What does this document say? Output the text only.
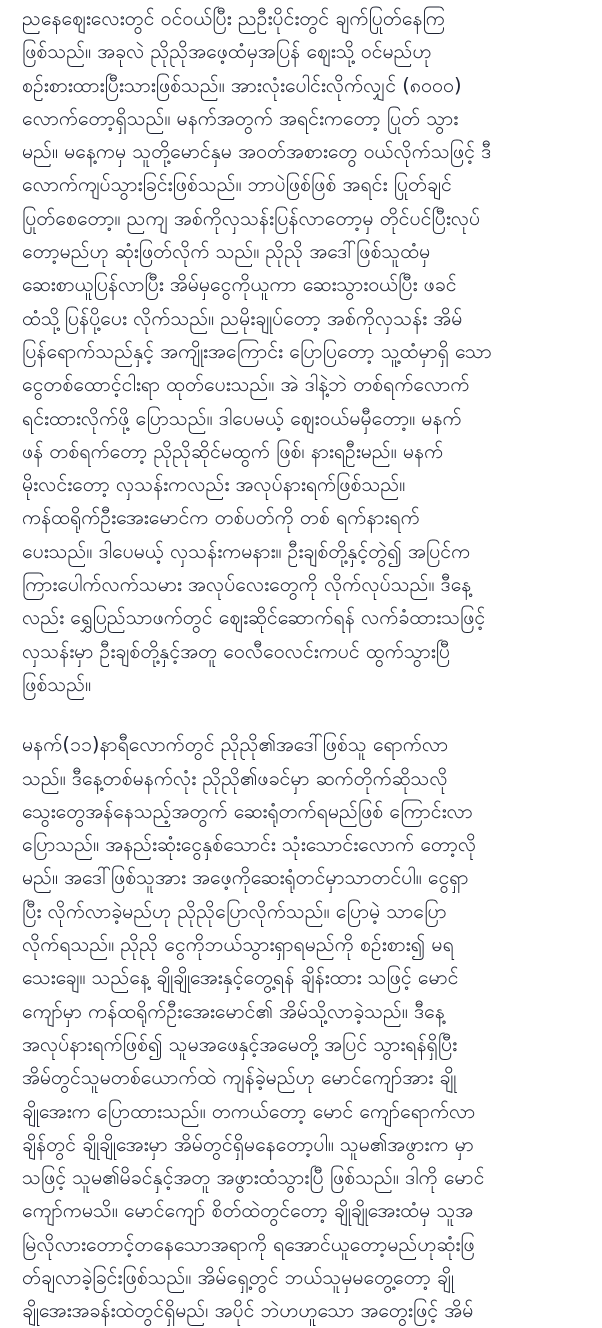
ညနေဈေးလေးတွင် ဝင်ဝယ်ပြီး ညဦးပိုင်းတွင် ချက်ပြုတ်နေကြ
ဖြစ်သည်။ အခုလဲ ညိုညိုအဖေ့ထံမှအပြန် ဈေးသို့ ဝင်မည်ဟု
စဉ်းစားထားပြီးသားဖြစ်သည်။ အားလုံးပေါင်းလိုက်လျှင် (၈၀၀၀)
လောက်တော့ရှိသည်။ မနက်အတွက် အရင်းကတော့ ပြုတ် သွား
မည်။ မနေ့ကမှ သူတို့မောင်နှမ အဝတ်အစားတွေ ဝယ်လိုက်သဖြင့် ဒီ
လောက်ကျပ်သွားခြင်းဖြစ်သည်။ ဘာပဲဖြစ်ဖြစ် အရင်း ပြုတ်ချင်
ပြုတ်စေတော့။ ညကျ အစ်ကိုလှသန်းပြန်လာတော့မှ တိုင်ပင်ပြီးလုပ်
တော့မည်ဟု ဆုံးဖြတ်လိုက် သည်။ ညိုညို အဒေါ်ဖြစ်သူထံမှ
ဆေးစာယူပြန်လာပြီး အိမ်မှငွေကိုယူကာ ဆေးသွားဝယ်ပြီး ဖခင်
ထံသို့ပြန်ပို့ပေး လိုက်သည်။ ညမိုးချုပ်တော့ အစ်ကိုလှသန်း အိမ်
ပြန်ရောက်သည်နှင့် အကျိုးအကြောင်း ပြောပြတော့ သူ့ထံမှာရှိ သော
ငွေတစ်ထောင့်ငါးရာ ထုတ်ပေးသည်။ အဲ ဒါနဲ့ဘဲ တစ်ရက်လောက်
ရင်းထားလိုက်ဖို့ ပြောသည်။ ဒါပေမယ့် ဈေးဝယ်မမှီတော့။ မနက်
ဖန် တစ်ရက်တော့ ညိုညိုဆိုင်မထွက် ဖြစ်၊ နားရဦးမည်။ မနက်
မိုးလင်းတော့ လှသန်းကလည်း အလုပ်နားရက်ဖြစ်သည်။
ကန်ထရိုက်ဦးအေးမောင်က တစ်ပတ်ကို တစ် ရက်နားရက်
ပေးသည်။ ဒါပေမယ့် လှသန်းကမနား။ ဦးချစ်တို့နှင့်တွဲ၍ အပြင်က
ကြားပေါက်လက်သမား အလုပ်လေးတွေကို လိုက်လုပ်သည်။ ဒီနေ့
လည်း ရွှေပြည်သာဖက်တွင် ဈေးဆိုင်ဆောက်ရန် လက်ခံထားသဖြင့်
လှသန်းမှာ ဦးချစ်တို့နှင့်အတူ ဝေလီဝေလင်းကပင် ထွက်သွားပြီ
ဖြစ်သည်။
မနက်(၁၁)နာရီလောက်တွင် ညိုညို၏အဒေါ်ဖြစ်သူ ရောက်လာ
သည်။ ဒီနေ့တစ်မနက်လုံး ညိုညို၏ဖခင်မှာ ဆက်တိုက်ဆိုသလို
သွေးတွေအန်နေသည့်အတွက် ဆေးရုံတက်ရမည်ဖြစ် ကြောင်းလာ
ပြောသည်။ အနည်းဆုံးငွေနှစ်သောင်း သုံးသောင်းလောက် တော့လို
မည်။ အဒေါ်ဖြစ်သူအား အဖေ့ကိုဆေးရုံတင်မှာသာတင်ပါ။ ငွေရှာ
ပြီး လိုက်လာခဲ့မည်ဟု ညိုညိုပြောလိုက်သည်။ ပြောမဲ့ သာပြော
လိုက်ရသည်။ ညိုညို ငွေကိုဘယ်သွားရှာရမည်ကို စဉ်းစား၍ မရ
သေးချေ။ သည်နေ့ ချိုချိုအေးနှင့်တွေ့ရန် ချိန်းထား သဖြင့် မောင်
ကျော်မှာ ကန်ထရိုက်ဦးအေးမောင်၏ အိမ်သို့လာခဲ့သည်။ ဒီနေ့
အလုပ်နားရက်ဖြစ်၍ သူမအဖေနှင့်အမေတို့ အပြင် သွားရန်ရှိပြီး
အိမ်တွင်သူမတစ်ယောက်ထဲ ကျန်ခဲ့မည်ဟု မောင်ကျော်အား ချို
ချိုအေးက ပြောထားသည်။ တကယ်တော့ မောင် ကျော်ရောက်လာ
ချိန်တွင် ချိုချိုအေးမှာ အိမ်တွင်ရှိမနေတော့ပါ။ သူမ၏အဖွားက မှာ
သဖြင့် သူမ၏မိခင်နှင့်အတူ အဖွားထံသွားပြီ ဖြစ်သည်။ ဒါကို မောင်
ကျော်ကမသိ။ မောင်ကျော် စိတ်ထဲတွင်တော့ ချိုချိုအေးထံမှ သူအ
မြဲလိုလားတောင့်တနေသောအရာကို ရအောင်ယူတော့မည်ဟုဆုံးဖြ
တ်ချလာခဲ့ခြင်းဖြစ်သည်။ အိမ်ရှေ့တွင် ဘယ်သူမှမတွေ့တော့ ချို
ချိုအေးအခန်းထဲတွင်ရှိမည်၊ အပိုင် ဘဲဟဟူသော အတွေးဖြင့် အိမ်
